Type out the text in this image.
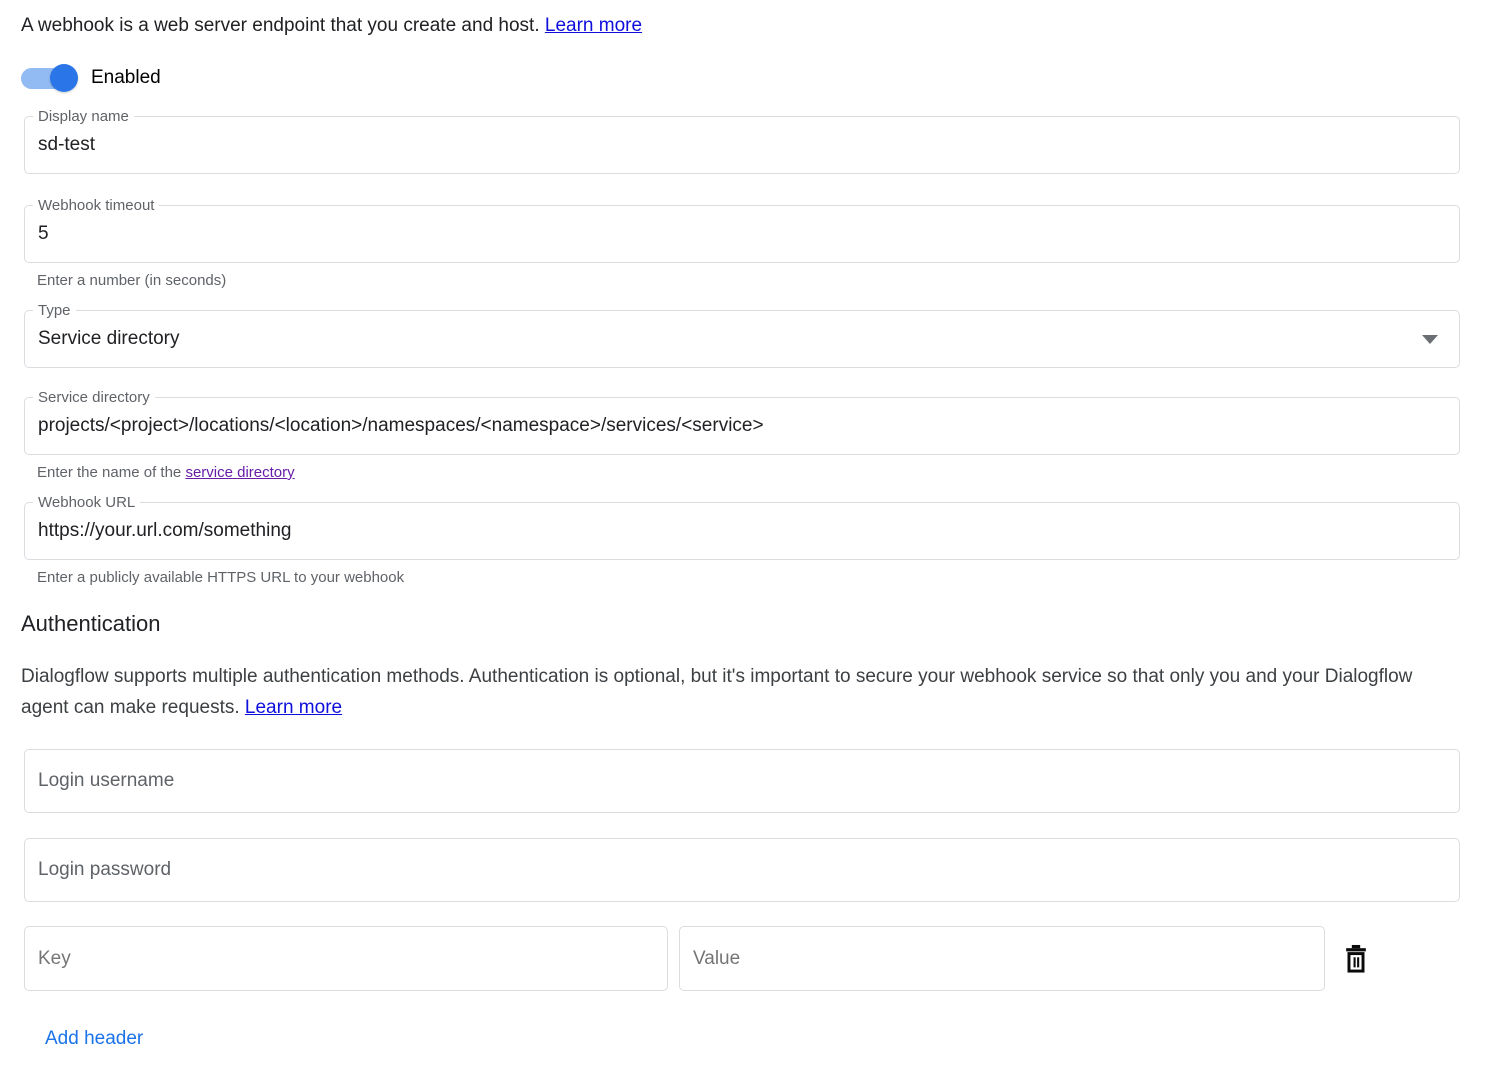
A webhook is a web server endpoint that you create and host. Learn more

Enabled
Display name
sd-test
Webhook timeout
5
Enter a number (in seconds)
Type
Service directory
Service directory
projects/<project>/locations/<location>/namespaces/<namespace>/services/<service>
Enter the name of the service directory
Webhook URL
https://your.url.com/something
Enter a publicly available HTTPS URL to your webhook
Authentication

Dialogflow supports multiple authentication methods. Authentication is optional, but it's important to secure your webhook service so that only you and your Dialogflow agent can make requests. Learn more

Login username
Login password
Key
Value
Add header
